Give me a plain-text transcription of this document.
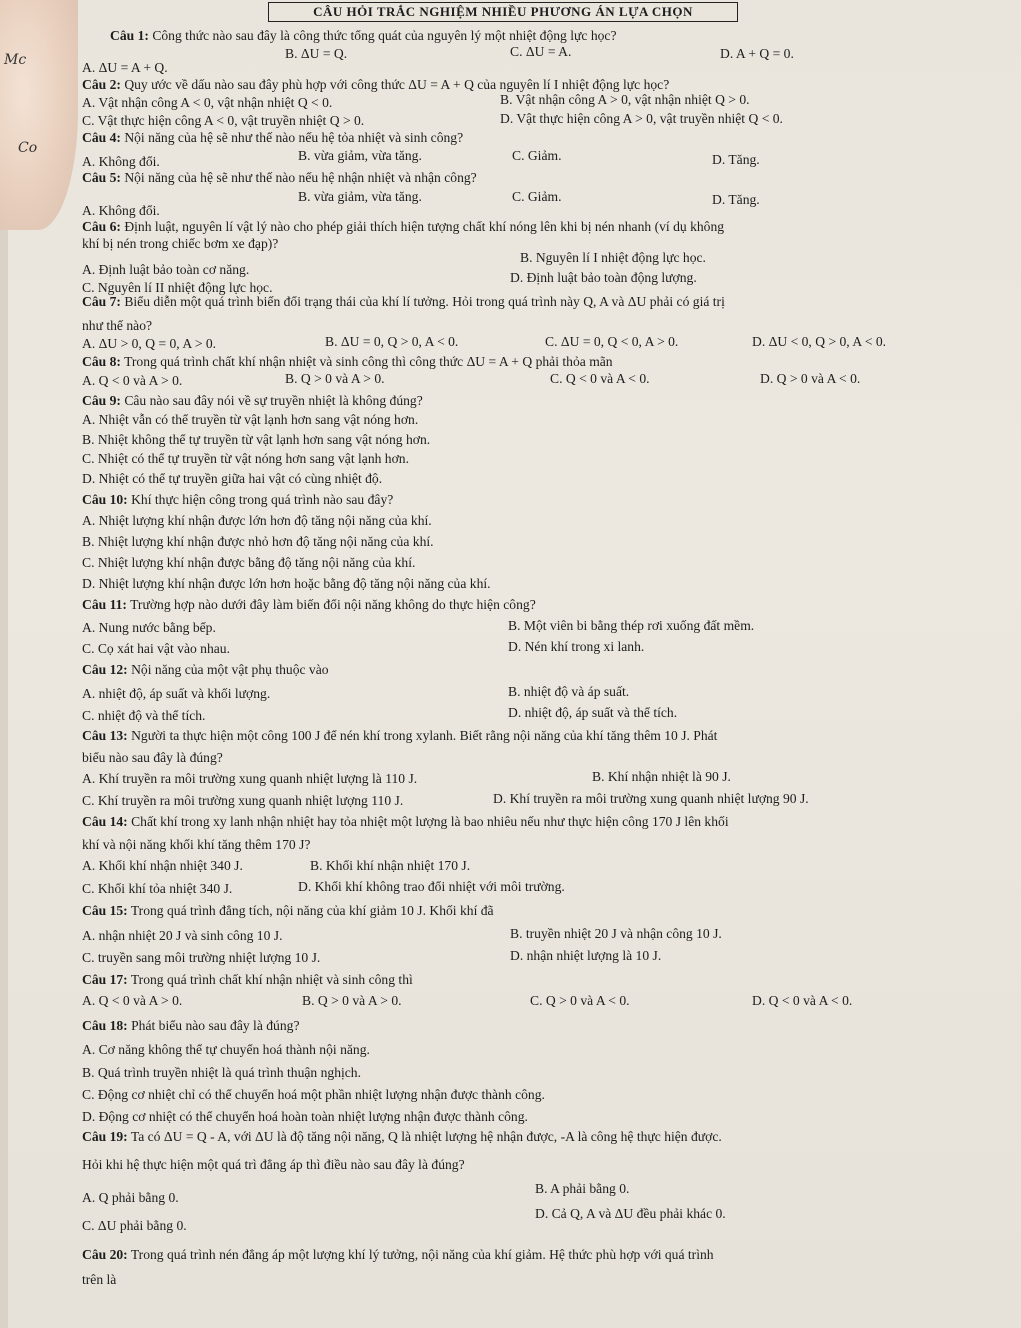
CÂU HỎI TRẮC NGHIỆM NHIỀU PHƯƠNG ÁN LỰA CHỌN
Mc
Co
Câu 1: Công thức nào sau đây là công thức tổng quát của nguyên lý một nhiệt động lực học?
A. ΔU = A + Q.
B. ΔU = Q.	C. ΔU = A.	D. A + Q = 0.
Câu 2: Quy ước về dấu nào sau đây phù hợp với công thức ΔU = A + Q của nguyên lí I nhiệt động lực học?
A. Vật nhận công A < 0, vật nhận nhiệt Q < 0.	B. Vật nhận công A > 0, vật nhận nhiệt Q > 0.
C. Vật thực hiện công A < 0, vật truyền nhiệt Q > 0.	D. Vật thực hiện công A > 0, vật truyền nhiệt Q < 0.
Câu 4: Nội năng của hệ sẽ như thế nào nếu hệ tỏa nhiệt và sinh công?
A. Không đổi.	B. vừa giảm, vừa tăng.	C. Giảm.	D. Tăng.
Câu 5: Nội năng của hệ sẽ như thế nào nếu hệ nhận nhiệt và nhận công?
A. Không đổi.
B. vừa giảm, vừa tăng.	C. Giảm.	D. Tăng.
Câu 6: Định luật, nguyên lí vật lý nào cho phép giải thích hiện tượng chất khí nóng lên khi bị nén nhanh (ví dụ không
khí bị nén trong chiếc bơm xe đạp)?
A. Định luật bảo toàn cơ năng.
B. Nguyên lí I nhiệt động lực học.
C. Nguyên lí II nhiệt động lực học.
D. Định luật bảo toàn động lượng.
Câu 7: Biểu diễn một quá trình biến đổi trạng thái của khí lí tưởng. Hỏi trong quá trình này Q, A và ΔU phải có giá trị
như thế nào?
A. ΔU > 0, Q = 0, A > 0.	B. ΔU = 0, Q > 0, A < 0.	C. ΔU = 0, Q < 0, A > 0.	D. ΔU < 0, Q > 0, A < 0.
Câu 8: Trong quá trình chất khí nhận nhiệt và sinh công thì công thức ΔU = A + Q phải thỏa mãn
A. Q < 0 và A > 0.	B. Q > 0 và A > 0.	C. Q < 0 và A < 0.	D. Q > 0 và A < 0.
Câu 9: Câu nào sau đây nói về sự truyền nhiệt là không đúng?
A. Nhiệt vẫn có thể truyền từ vật lạnh hơn sang vật nóng hơn.
B. Nhiệt không thể tự truyền từ vật lạnh hơn sang vật nóng hơn.
C. Nhiệt có thể tự truyền từ vật nóng hơn sang vật lạnh hơn.
D. Nhiệt có thể tự truyền giữa hai vật có cùng nhiệt độ.
Câu 10: Khí thực hiện công trong quá trình nào sau đây?
A. Nhiệt lượng khí nhận được lớn hơn độ tăng nội năng của khí.
B. Nhiệt lượng khí nhận được nhỏ hơn độ tăng nội năng của khí.
C. Nhiệt lượng khí nhận được bằng độ tăng nội năng của khí.
D. Nhiệt lượng khí nhận được lớn hơn hoặc bằng độ tăng nội năng của khí.
Câu 11: Trường hợp nào dưới đây làm biến đổi nội năng không do thực hiện công?
A. Nung nước bằng bếp.	B. Một viên bi bằng thép rơi xuống đất mềm.
C. Cọ xát hai vật vào nhau.	D. Nén khí trong xi lanh.
Câu 12: Nội năng của một vật phụ thuộc vào
A. nhiệt độ, áp suất và khối lượng.	B. nhiệt độ và áp suất.
C. nhiệt độ và thể tích.	D. nhiệt độ, áp suất và thể tích.
Câu 13: Người ta thực hiện một công 100 J để nén khí trong xylanh. Biết rằng nội năng của khí tăng thêm 10 J. Phát
biểu nào sau đây là đúng?
A. Khí truyền ra môi trường xung quanh nhiệt lượng là 110 J.	B. Khí nhận nhiệt là 90 J.
C. Khí truyền ra môi trường xung quanh nhiệt lượng 110 J.	D. Khí truyền ra môi trường xung quanh nhiệt lượng 90 J.
Câu 14: Chất khí trong xy lanh nhận nhiệt hay tỏa nhiệt một lượng là bao nhiêu nếu như thực hiện công 170 J lên khối
khí và nội năng khối khí tăng thêm 170 J?
A. Khối khí nhận nhiệt 340 J.	B. Khối khí nhận nhiệt 170 J.
C. Khối khí tỏa nhiệt 340 J.	D. Khối khí không trao đổi nhiệt với môi trường.
Câu 15: Trong quá trình đẳng tích, nội năng của khí giảm 10 J. Khối khí đã
A. nhận nhiệt 20 J và sinh công 10 J.	B. truyền nhiệt 20 J và nhận công 10 J.
C. truyền sang môi trường nhiệt lượng 10 J.	D. nhận nhiệt lượng là 10 J.
Câu 17: Trong quá trình chất khí nhận nhiệt và sinh công thì
A. Q < 0 và A > 0.	B. Q > 0 và A > 0.	C. Q > 0 và A < 0.	D. Q < 0 và A < 0.
Câu 18: Phát biểu nào sau đây là đúng?
A. Cơ năng không thể tự chuyển hoá thành nội năng.
B. Quá trình truyền nhiệt là quá trình thuận nghịch.
C. Động cơ nhiệt chỉ có thể chuyển hoá một phần nhiệt lượng nhận được thành công.
D. Động cơ nhiệt có thể chuyển hoá hoàn toàn nhiệt lượng nhận được thành công.
Câu 19: Ta có ΔU = Q - A, với ΔU là độ tăng nội năng, Q là nhiệt lượng hệ nhận được, -A là công hệ thực hiện được.
Hỏi khi hệ thực hiện một quá trì đẳng áp thì điều nào sau đây là đúng?
A. Q phải bằng 0.
B. A phải bằng 0.
C. ΔU phải bằng 0.
D. Cả Q, A và ΔU đều phải khác 0.
Câu 20: Trong quá trình nén đẳng áp một lượng khí lý tưởng, nội năng của khí giảm. Hệ thức phù hợp với quá trình
trên là
